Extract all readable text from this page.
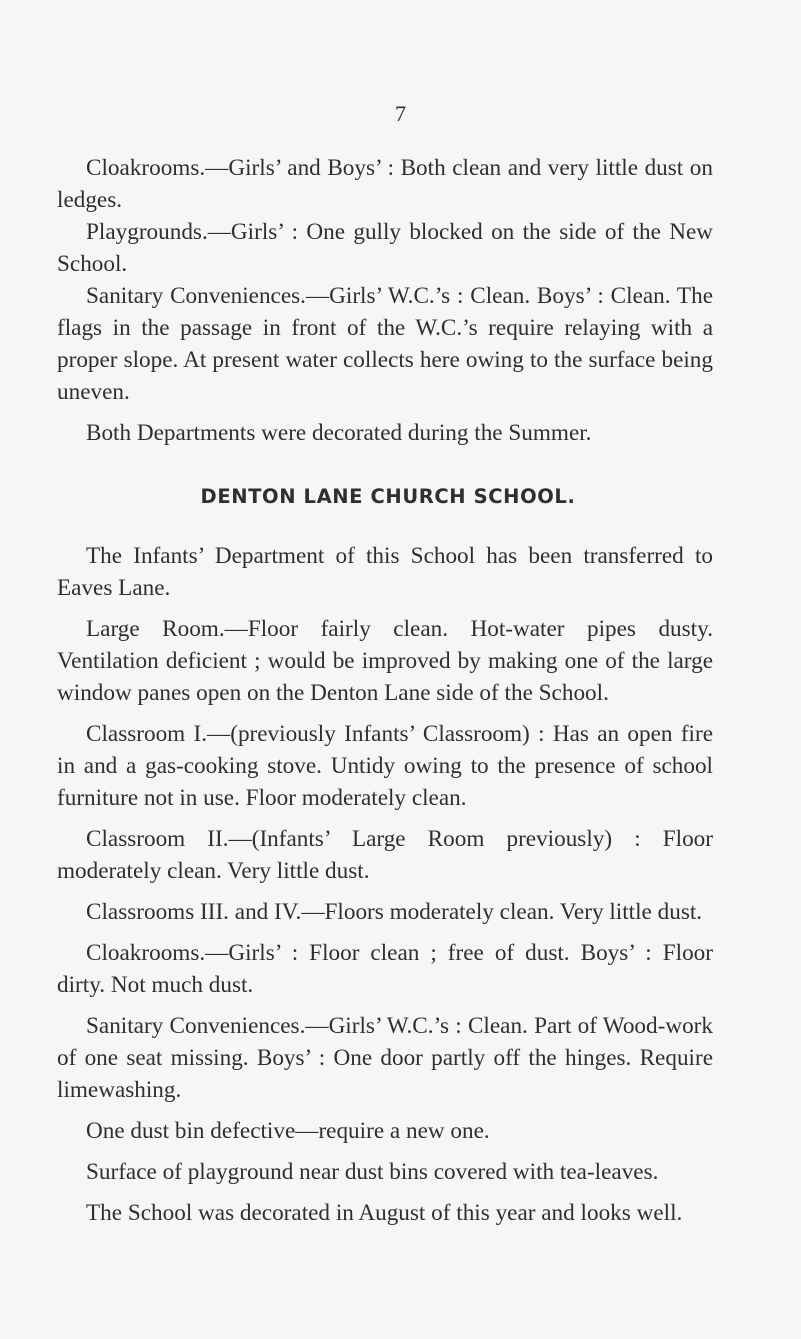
7

Cloakrooms.—Girls’ and Boys’ : Both clean and very little dust on ledges.

Playgrounds.—Girls’ : One gully blocked on the side of the New School.

Sanitary Conveniences.—Girls’ W.C.’s : Clean. Boys’ : Clean. The flags in the passage in front of the W.C.’s require relaying with a proper slope. At present water collects here owing to the surface being uneven.

Both Departments were decorated during the Summer.

DENTON LANE CHURCH SCHOOL.

The Infants’ Department of this School has been transferred to Eaves Lane.

Large Room.—Floor fairly clean. Hot-water pipes dusty. Ventilation deficient ; would be improved by making one of the large window panes open on the Denton Lane side of the School.

Classroom I.—(previously Infants’ Classroom) : Has an open fire in and a gas-cooking stove. Untidy owing to the presence of school furniture not in use. Floor moderately clean.

Classroom II.—(Infants’ Large Room previously) : Floor moderately clean. Very little dust.

Classrooms III. and IV.—Floors moderately clean. Very little dust.

Cloakrooms.—Girls’ : Floor clean ; free of dust. Boys’ : Floor dirty. Not much dust.

Sanitary Conveniences.—Girls’ W.C.’s : Clean. Part of Wood-work of one seat missing. Boys’ : One door partly off the hinges. Require limewashing.

One dust bin defective—require a new one.

Surface of playground near dust bins covered with tea-leaves.

The School was decorated in August of this year and looks well.
